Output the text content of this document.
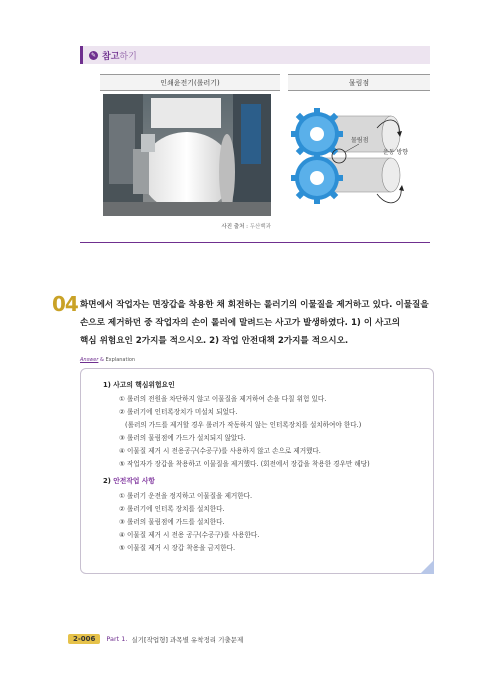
✎ 참고 하기
인쇄윤전기(롤러기)	물림점
사진 출처 : 두산백과
운동 방향
물림점
04 화면에서 작업자는 면장갑을 착용한 채 회전하는 롤러기의 이물질을 제거하고 있다. 이물질을
손으로 제거하던 중 작업자의 손이 롤러에 말려드는 사고가 발생하였다. 1) 이 사고의
핵심 위험요인 2가지를 적으시오. 2) 작업 안전대책 2가지를 적으시오.
Answer & Explanation
1) 사고의 핵심위험요인
① 롤러의 전원을 차단하지 않고 이물질을 제거하여 손을 다칠 위험 있다.
② 롤러기에 인터록장치가 미설치 되었다.
(롤러의 가드를 제거할 경우 롤러가 작동하지 않는 인터록장치를 설치하여야 한다.)
③ 롤러의 물림점에 가드가 설치되지 않았다.
④ 이물질 제거 시 전용공구(수공구)를 사용하지 않고 손으로 제거했다.
⑤ 작업자가 장갑을 착용하고 이물질을 제거했다. (회전에서 장갑을 착용한 경우만 해당)
2) 안전작업 사항
① 롤러기 운전을 정지하고 이물질을 제거한다.
② 롤러기에 인터록 장치를 설치한다.
③ 롤러의 물림점에 가드를 설치한다.
④ 이물질 제거 시 전용 공구(수공구)를 사용한다.
⑤ 이물질 제거 시 장갑 착용을 금지한다.
2-006	Part 1. 실기[작업형] 과목별 유착정리 기출문제
